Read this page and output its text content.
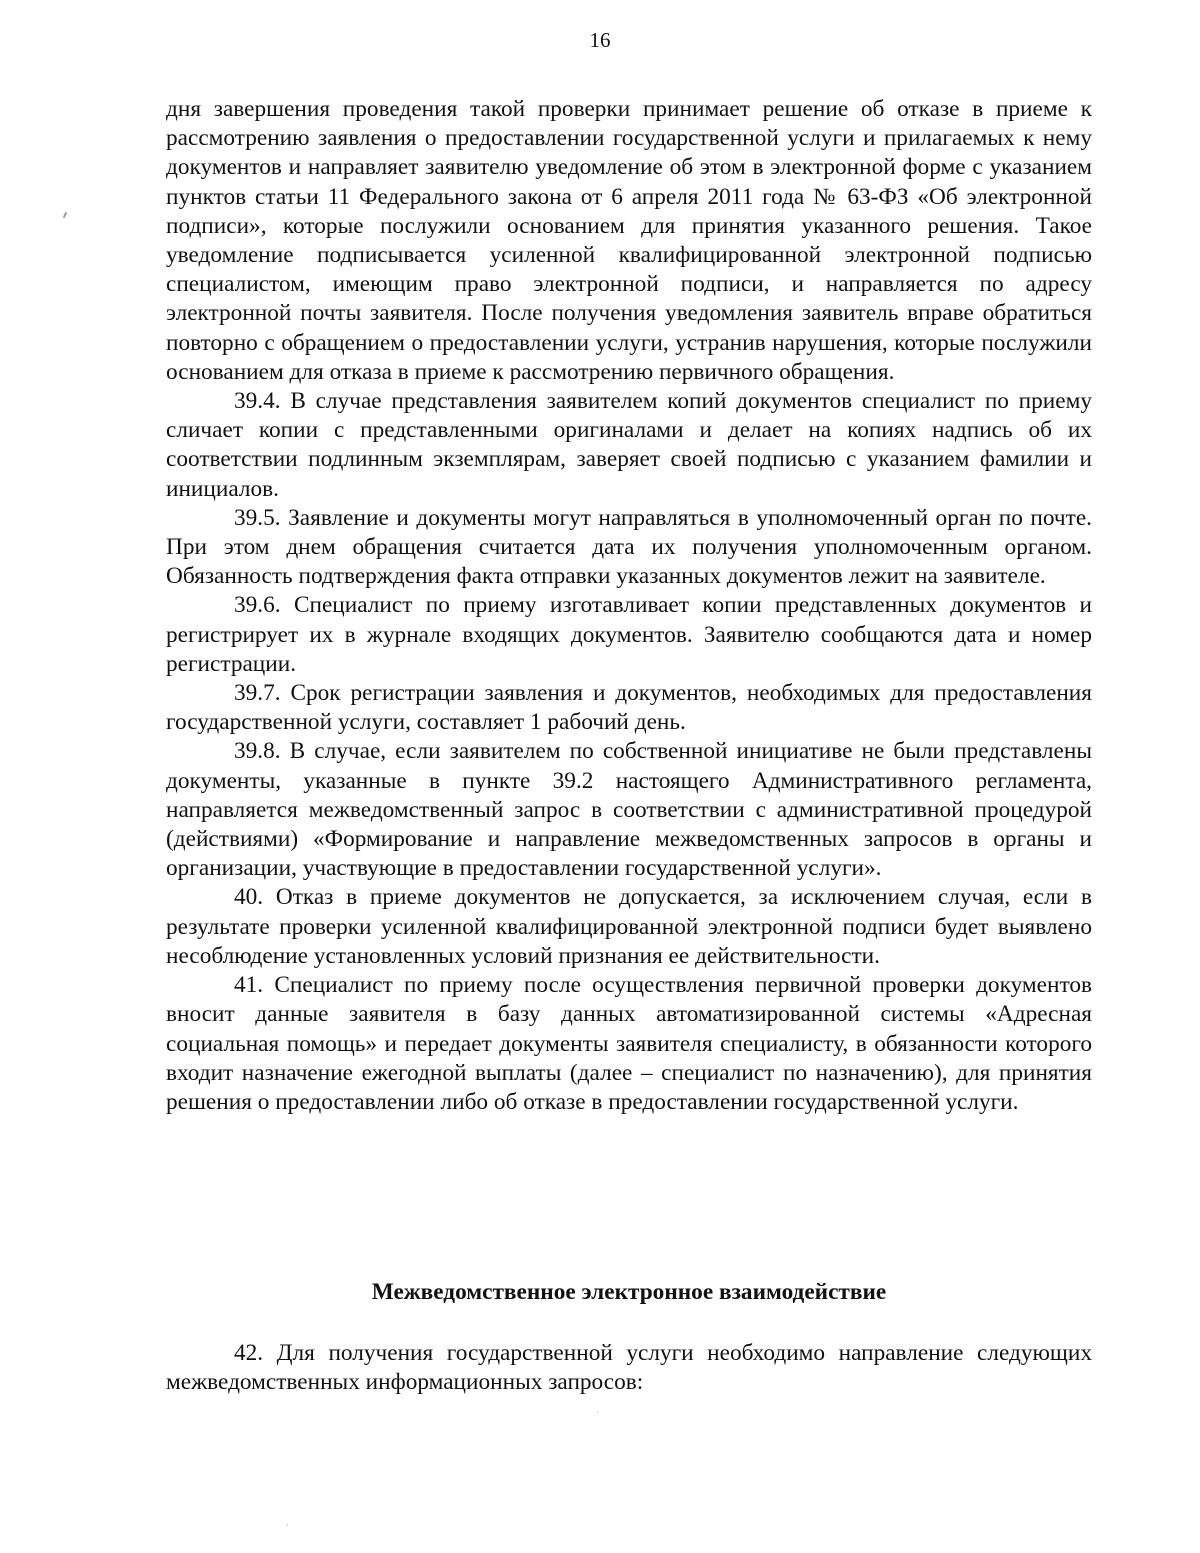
16

дня завершения проведения такой проверки принимает решение об отказе в приеме к рассмотрению заявления о предоставлении государственной услуги и прилагаемых к нему документов и направляет заявителю уведомление об этом в электронной форме с указанием пунктов статьи 11 Федерального закона от 6 апреля 2011 года № 63-ФЗ «Об электронной подписи», которые послужили основанием для принятия указанного решения. Такое уведомление подписывается усиленной квалифицированной электронной подписью специалистом, имеющим право электронной подписи, и направляется по адресу электронной почты заявителя. После получения уведомления заявитель вправе обратиться повторно с обращением о предоставлении услуги, устранив нарушения, которые послужили основанием для отказа в приеме к рассмотрению первичного обращения.

39.4. В случае представления заявителем копий документов специалист по приему сличает копии с представленными оригиналами и делает на копиях надпись об их соответствии подлинным экземплярам, заверяет своей подписью с указанием фамилии и инициалов.

39.5. Заявление и документы могут направляться в уполномоченный орган по почте. При этом днем обращения считается дата их получения уполномоченным органом. Обязанность подтверждения факта отправки указанных документов лежит на заявителе.

39.6. Специалист по приему изготавливает копии представленных документов и регистрирует их в журнале входящих документов. Заявителю сообщаются дата и номер регистрации.

39.7. Срок регистрации заявления и документов, необходимых для предоставления государственной услуги, составляет 1 рабочий день.

39.8. В случае, если заявителем по собственной инициативе не были представлены документы, указанные в пункте 39.2 настоящего Административного регламента, направляется межведомственный запрос в соответствии с административной процедурой (действиями) «Формирование и направление межведомственных запросов в органы и организации, участвующие в предоставлении государственной услуги».

40. Отказ в приеме документов не допускается, за исключением случая, если в результате проверки усиленной квалифицированной электронной подписи будет выявлено несоблюдение установленных условий признания ее действительности.

41. Специалист по приему после осуществления первичной проверки документов вносит данные заявителя в базу данных автоматизированной системы «Адресная социальная помощь» и передает документы заявителя специалисту, в обязанности которого входит назначение ежегодной выплаты (далее – специалист по назначению), для принятия решения о предоставлении либо об отказе в предоставлении государственной услуги.

Межведомственное электронное взаимодействие

42. Для получения государственной услуги необходимо направление следующих межведомственных информационных запросов:
